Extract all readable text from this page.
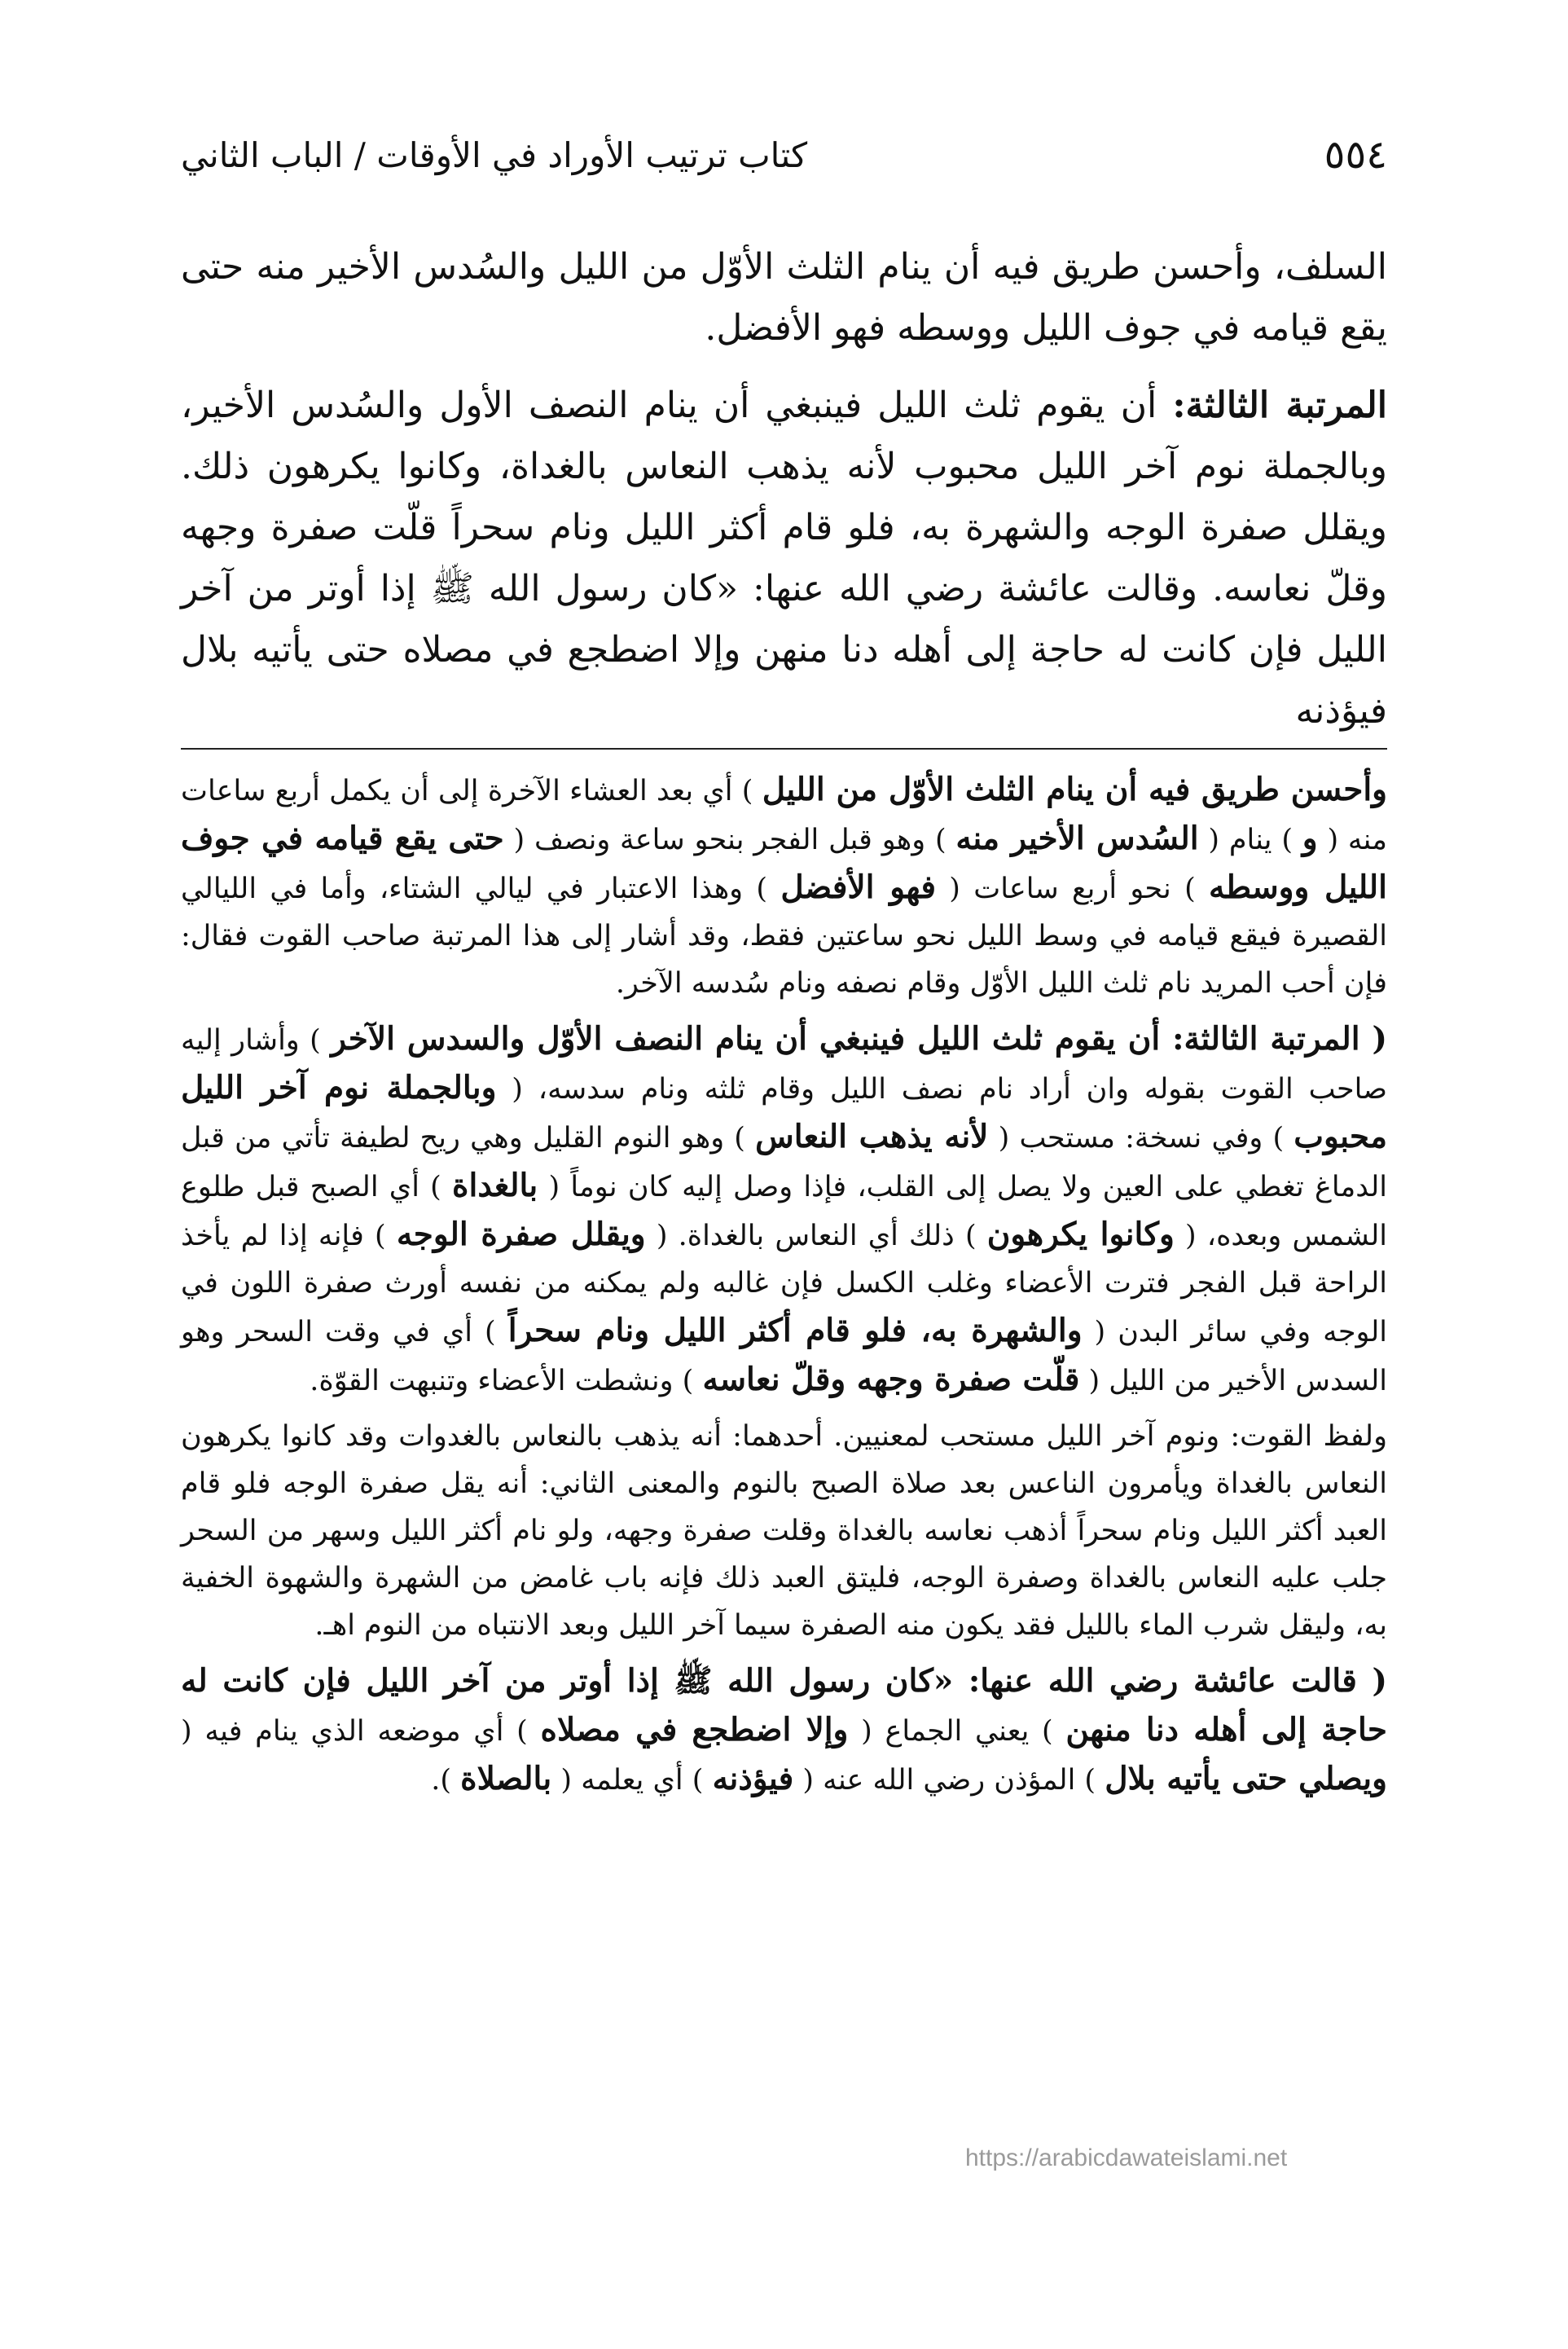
٥٥٤
كتاب ترتيب الأوراد في الأوقات / الباب الثاني

السلف، وأحسن طريق فيه أن ينام الثلث الأوّل من الليل والسُدس الأخير منه حتى يقع قيامه في جوف الليل ووسطه فهو الأفضل.

المرتبة الثالثة: أن يقوم ثلث الليل فينبغي أن ينام النصف الأول والسُدس الأخير، وبالجملة نوم آخر الليل محبوب لأنه يذهب النعاس بالغداة، وكانوا يكرهون ذلك. ويقلل صفرة الوجه والشهرة به، فلو قام أكثر الليل ونام سحراً قلّت صفرة وجهه وقلّ نعاسه. وقالت عائشة رضي الله عنها: «كان رسول الله ﷺ إذا أوتر من آخر الليل فإن كانت له حاجة إلى أهله دنا منهن وإلا اضطجع في مصلاه حتى يأتيه بلال فيؤذنه

وأحسن طريق فيه أن ينام الثلث الأوّل من الليل ) أي بعد العشاء الآخرة إلى أن يكمل أربع ساعات منه ( و ) ينام ( السُدس الأخير منه ) وهو قبل الفجر بنحو ساعة ونصف ( حتى يقع قيامه في جوف الليل ووسطه ) نحو أربع ساعات ( فهو الأفضل ) وهذا الاعتبار في ليالي الشتاء، وأما في الليالي القصيرة فيقع قيامه في وسط الليل نحو ساعتين فقط، وقد أشار إلى هذا المرتبة صاحب القوت فقال: فإن أحب المريد نام ثلث الليل الأوّل وقام نصفه ونام سُدسه الآخر.

( المرتبة الثالثة: أن يقوم ثلث الليل فينبغي أن ينام النصف الأوّل والسدس الآخر ) وأشار إليه صاحب القوت بقوله وان أراد نام نصف الليل وقام ثلثه ونام سدسه، ( وبالجملة نوم آخر الليل محبوب ) وفي نسخة: مستحب ( لأنه يذهب النعاس ) وهو النوم القليل وهي ريح لطيفة تأتي من قبل الدماغ تغطي على العين ولا يصل إلى القلب، فإذا وصل إليه كان نوماً ( بالغداة ) أي الصبح قبل طلوع الشمس وبعده، ( وكانوا يكرهون ) ذلك أي النعاس بالغداة. ( ويقلل صفرة الوجه ) فإنه إذا لم يأخذ الراحة قبل الفجر فترت الأعضاء وغلب الكسل فإن غالبه ولم يمكنه من نفسه أورث صفرة اللون في الوجه وفي سائر البدن ( والشهرة به، فلو قام أكثر الليل ونام سحراً ) أي في وقت السحر وهو السدس الأخير من الليل ( قلّت صفرة وجهه وقلّ نعاسه ) ونشطت الأعضاء وتنبهت القوّة.

ولفظ القوت: ونوم آخر الليل مستحب لمعنيين. أحدهما: أنه يذهب بالنعاس بالغدوات وقد كانوا يكرهون النعاس بالغداة ويأمرون الناعس بعد صلاة الصبح بالنوم والمعنى الثاني: أنه يقل صفرة الوجه فلو قام العبد أكثر الليل ونام سحراً أذهب نعاسه بالغداة وقلت صفرة وجهه، ولو نام أكثر الليل وسهر من السحر جلب عليه النعاس بالغداة وصفرة الوجه، فليتق العبد ذلك فإنه باب غامض من الشهرة والشهوة الخفية به، وليقل شرب الماء بالليل فقد يكون منه الصفرة سيما آخر الليل وبعد الانتباه من النوم اهـ.

( قالت عائشة رضي الله عنها: «كان رسول الله ﷺ إذا أوتر من آخر الليل فإن كانت له حاجة إلى أهله دنا منهن ) يعني الجماع ( وإلا اضطجع في مصلاه ) أي موضعه الذي ينام فيه ( ويصلي حتى يأتيه بلال ) المؤذن رضي الله عنه ( فيؤذنه ) أي يعلمه ( بالصلاة ).

https://arabicdawateislami.net
